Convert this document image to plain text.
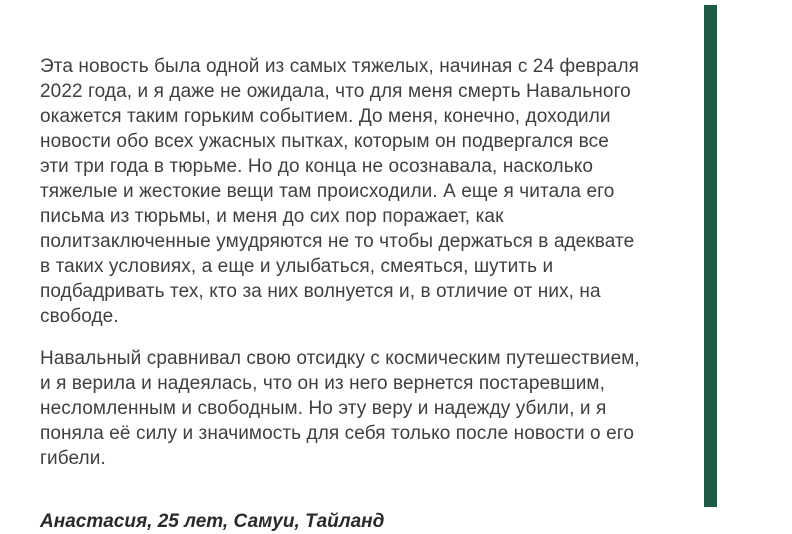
Эта новость была одной из самых тяжелых, начиная с 24 февраля 2022 года, и я даже не ожидала, что для меня смерть Навального окажется таким горьким событием. До меня, конечно, доходили новости обо всех ужасных пытках, которым он подвергался все эти три года в тюрьме. Но до конца не осознавала, насколько тяжелые и жестокие вещи там происходили. А еще я читала его письма из тюрьмы, и меня до сих пор поражает, как политзаключенные умудряются не то чтобы держаться в адеквате в таких условиях, а еще и улыбаться, смеяться, шутить и подбадривать тех, кто за них волнуется и, в отличие от них, на свободе.

Навальный сравнивал свою отсидку с космическим путешествием, и я верила и надеялась, что он из него вернется постаревшим, несломленным и свободным. Но эту веру и надежду убили, и я поняла её силу и значимость для себя только после новости о его гибели.

Анастасия, 25 лет, Самуи, Тайланд
